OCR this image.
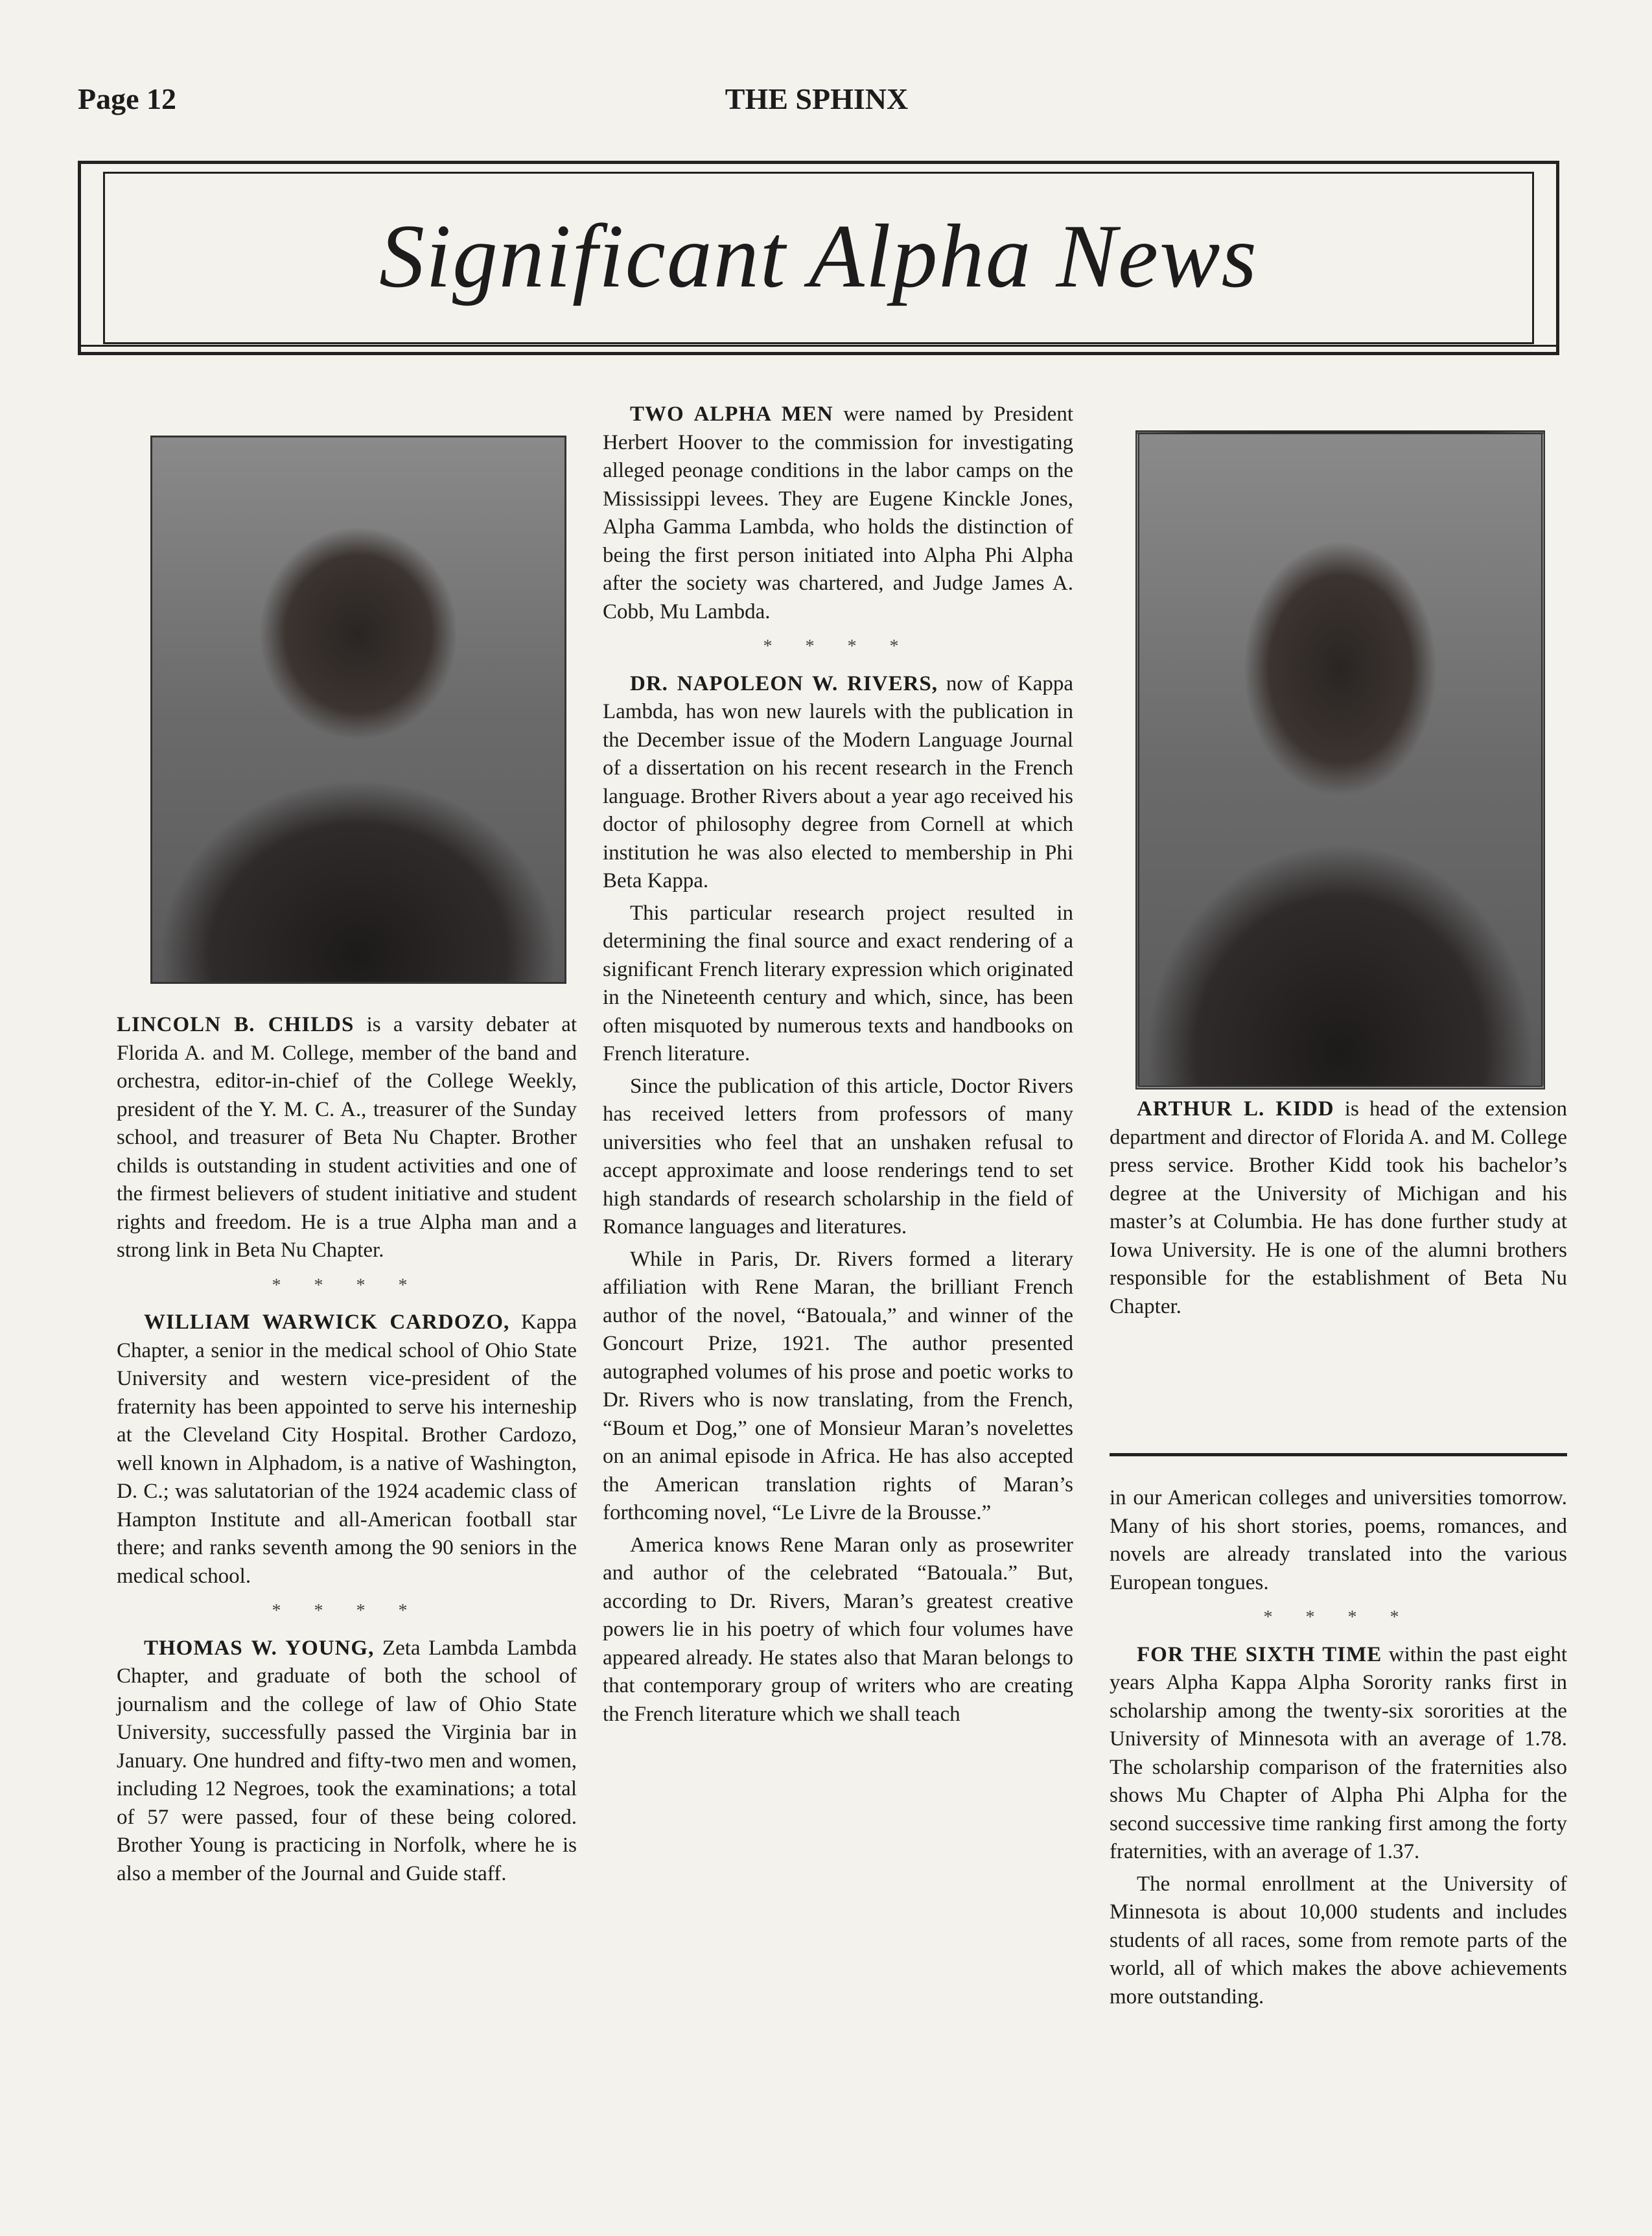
Page 12	THE SPHINX
Significant Alpha News

LINCOLN B. CHILDS is a varsity debater at Florida A. and M. College, member of the band and orchestra, editor-in-chief of the College Weekly, president of the Y. M. C. A., treasurer of the Sunday school, and treasurer of Beta Nu Chapter. Brother childs is outstanding in student activities and one of the firmest believers of student initiative and student rights and freedom. He is a true Alpha man and a strong link in Beta Nu Chapter.

* * * *

WILLIAM WARWICK CARDOZO, Kappa Chapter, a senior in the medical school of Ohio State University and western vice-president of the fraternity has been appointed to serve his interneship at the Cleveland City Hospital. Brother Cardozo, well known in Alphadom, is a native of Washington, D. C.; was salutatorian of the 1924 academic class of Hampton Institute and all-American football star there; and ranks seventh among the 90 seniors in the medical school.

* * * *

THOMAS W. YOUNG, Zeta Lambda Lambda Chapter, and graduate of both the school of journalism and the college of law of Ohio State University, successfully passed the Virginia bar in January. One hundred and fifty-two men and women, including 12 Negroes, took the examinations; a total of 57 were passed, four of these being colored. Brother Young is practicing in Norfolk, where he is also a member of the Journal and Guide staff.

TWO ALPHA MEN were named by President Herbert Hoover to the commission for investigating alleged peonage conditions in the labor camps on the Mississippi levees. They are Eugene Kinckle Jones, Alpha Gamma Lambda, who holds the distinction of being the first person initiated into Alpha Phi Alpha after the society was chartered, and Judge James A. Cobb, Mu Lambda.

* * * *

DR. NAPOLEON W. RIVERS, now of Kappa Lambda, has won new laurels with the publication in the December issue of the Modern Language Journal of a dissertation on his recent research in the French language. Brother Rivers about a year ago received his doctor of philosophy degree from Cornell at which institution he was also elected to membership in Phi Beta Kappa.

This particular research project resulted in determining the final source and exact rendering of a significant French literary expression which originated in the Nineteenth century and which, since, has been often misquoted by numerous texts and handbooks on French literature.

Since the publication of this article, Doctor Rivers has received letters from professors of many universities who feel that an unshaken refusal to accept approximate and loose renderings tend to set high standards of research scholarship in the field of Romance languages and literatures.

While in Paris, Dr. Rivers formed a literary affiliation with Rene Maran, the brilliant French author of the novel, “Batouala,” and winner of the Goncourt Prize, 1921. The author presented autographed volumes of his prose and poetic works to Dr. Rivers who is now translating, from the French, “Boum et Dog,” one of Monsieur Maran’s novelettes on an animal episode in Africa. He has also accepted the American translation rights of Maran’s forthcoming novel, “Le Livre de la Brousse.”

America knows Rene Maran only as prosewriter and author of the celebrated “Batouala.” But, according to Dr. Rivers, Maran’s greatest creative powers lie in his poetry of which four volumes have appeared already. He states also that Maran belongs to that contemporary group of writers who are creating the French literature which we shall teach

ARTHUR L. KIDD is head of the extension department and director of Florida A. and M. College press service. Brother Kidd took his bachelor’s degree at the University of Michigan and his master’s at Columbia. He has done further study at Iowa University. He is one of the alumni brothers responsible for the establishment of Beta Nu Chapter.

in our American colleges and universities tomorrow. Many of his short stories, poems, romances, and novels are already translated into the various European tongues.

* * * *

FOR THE SIXTH TIME within the past eight years Alpha Kappa Alpha Sorority ranks first in scholarship among the twenty-six sororities at the University of Minnesota with an average of 1.78. The scholarship comparison of the fraternities also shows Mu Chapter of Alpha Phi Alpha for the second successive time ranking first among the forty fraternities, with an average of 1.37.

The normal enrollment at the University of Minnesota is about 10,000 students and includes students of all races, some from remote parts of the world, all of which makes the above achievements more outstanding.
